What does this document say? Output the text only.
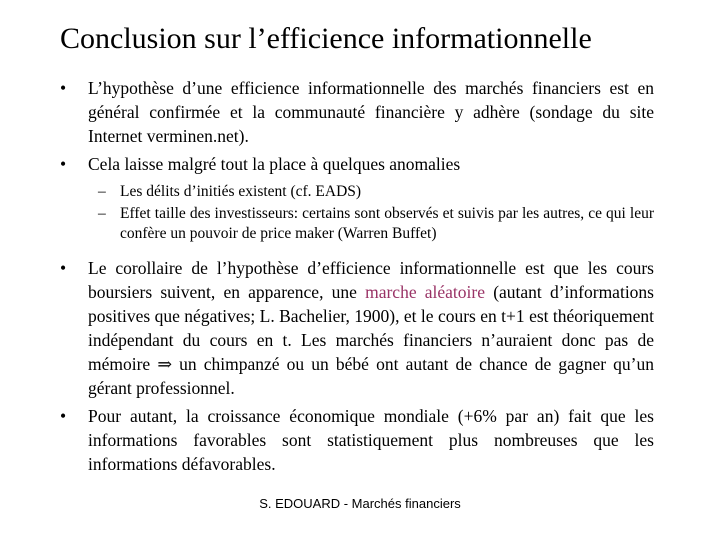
Conclusion sur l’efficience informationnelle
• L’hypothèse d’une efficience informationnelle des marchés financiers est en général confirmée et la communauté financière y adhère (sondage du site Internet verminen.net).
• Cela laisse malgré tout la place à quelques anomalies
– Les délits d’initiés existent (cf. EADS)
– Effet taille des investisseurs: certains sont observés et suivis par les autres, ce qui leur confère un pouvoir de price maker (Warren Buffet)
• Le corollaire de l’hypothèse d’efficience informationnelle est que les cours boursiers suivent, en apparence, une marche aléatoire (autant d’informations positives que négatives; L. Bachelier, 1900), et le cours en t+1 est théoriquement indépendant du cours en t. Les marchés financiers n’auraient donc pas de mémoire ⇒ un chimpanzé ou un bébé ont autant de chance de gagner qu’un gérant professionnel.
• Pour autant, la croissance économique mondiale (+6% par an) fait que les informations favorables sont statistiquement plus nombreuses que les informations défavorables.
S. EDOUARD - Marchés financiers
